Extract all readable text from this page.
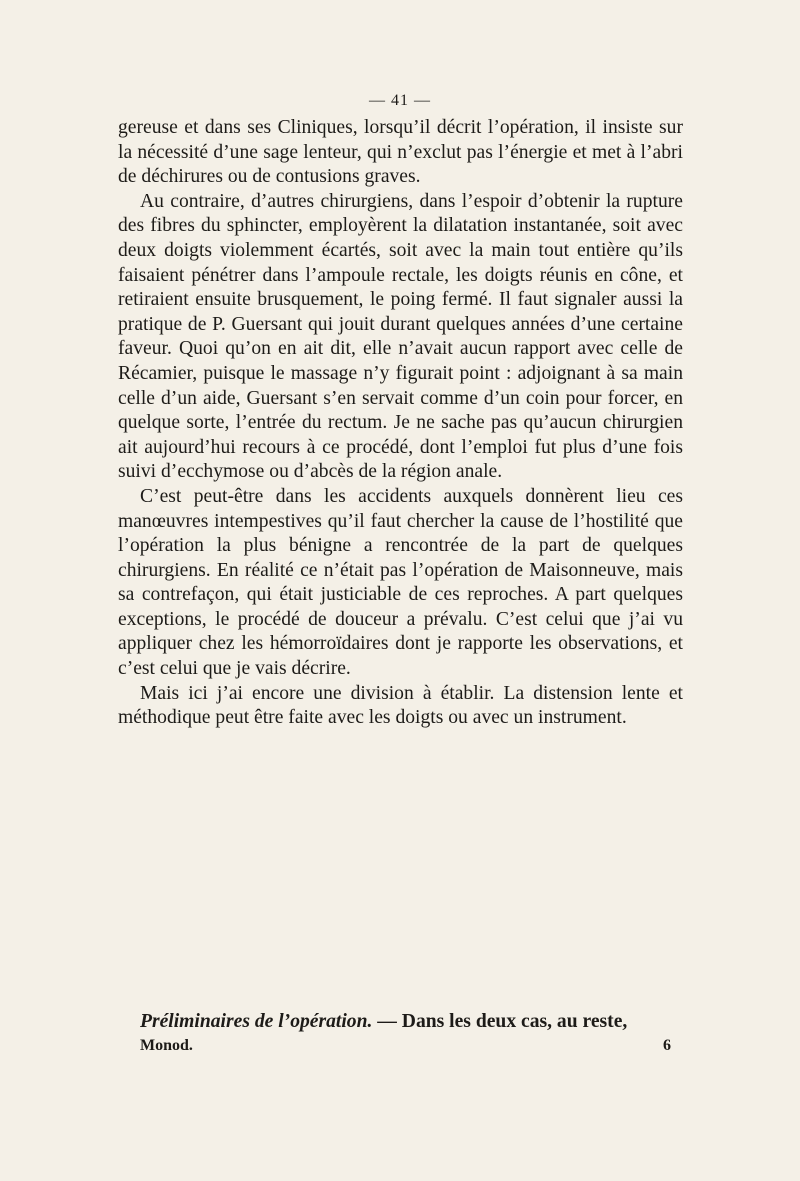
— 41 —

gereuse et dans ses Cliniques, lorsqu’il décrit l’opération, il insiste sur la nécessité d’une sage lenteur, qui n’exclut pas l’énergie et met à l’abri de déchirures ou de contusions graves.

Au contraire, d’autres chirurgiens, dans l’espoir d’obtenir la rupture des fibres du sphincter, employèrent la dilatation instantanée, soit avec deux doigts violemment écartés, soit avec la main tout entière qu’ils faisaient pénétrer dans l’ampoule rectale, les doigts réunis en cône, et retiraient ensuite brusquement, le poing fermé. Il faut signaler aussi la pratique de P. Guersant qui jouit durant quelques années d’une certaine faveur. Quoi qu’on en ait dit, elle n’avait aucun rapport avec celle de Récamier, puisque le massage n’y figurait point : adjoignant à sa main celle d’un aide, Guersant s’en servait comme d’un coin pour forcer, en quelque sorte, l’entrée du rectum. Je ne sache pas qu’aucun chirurgien ait aujourd’hui recours à ce procédé, dont l’emploi fut plus d’une fois suivi d’ecchymose ou d’abcès de la région anale.

C’est peut-être dans les accidents auxquels donnèrent lieu ces manœuvres intempestives qu’il faut chercher la cause de l’hostilité que l’opération la plus bénigne a rencontrée de la part de quelques chirurgiens. En réalité ce n’était pas l’opération de Maisonneuve, mais sa contrefaçon, qui était justiciable de ces reproches. A part quelques exceptions, le procédé de douceur a prévalu. C’est celui que j’ai vu appliquer chez les hémorroïdaires dont je rapporte les observations, et c’est celui que je vais décrire.

Mais ici j’ai encore une division à établir. La distension lente et méthodique peut être faite avec les doigts ou avec un instrument.

Préliminaires de l’opération. — Dans les deux cas, au reste,
Monod.	6
